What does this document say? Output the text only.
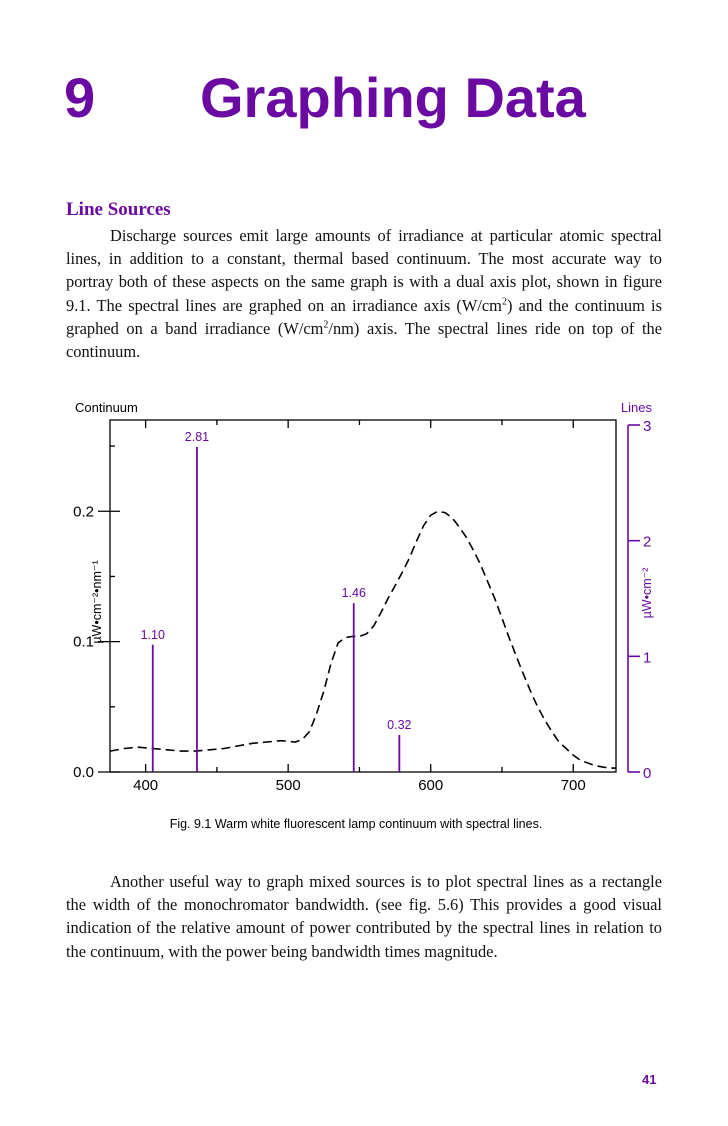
9 Graphing Data
Line Sources

Discharge sources emit large amounts of irradiance at particular atomic spectral lines, in addition to a constant, thermal based continuum. The most accurate way to portray both of these aspects on the same graph is with a dual axis plot, shown in figure 9.1. The spectral lines are graphed on an irradiance axis $(W/cm^2)$ and the continuum is graphed on a band irradiance $(W/cm^2/nm)$ axis. The spectral lines ride on top of the continuum.

400	500	600	700
0.0
0.1
0.2
0
1
2
3
1.10
2.81
1.46
0.32
Continuum	Lines
µW•cm⁻²•nm⁻¹	µW•cm⁻²
Fig. 9.1 Warm white fluorescent lamp continuum with spectral lines.

Another useful way to graph mixed sources is to plot spectral lines as a rectangle the width of the monochromator bandwidth. (see fig. 5.6) This provides a good visual indication of the relative amount of power contributed by the spectral lines in relation to the continuum, with the power being bandwidth times magnitude.

41
